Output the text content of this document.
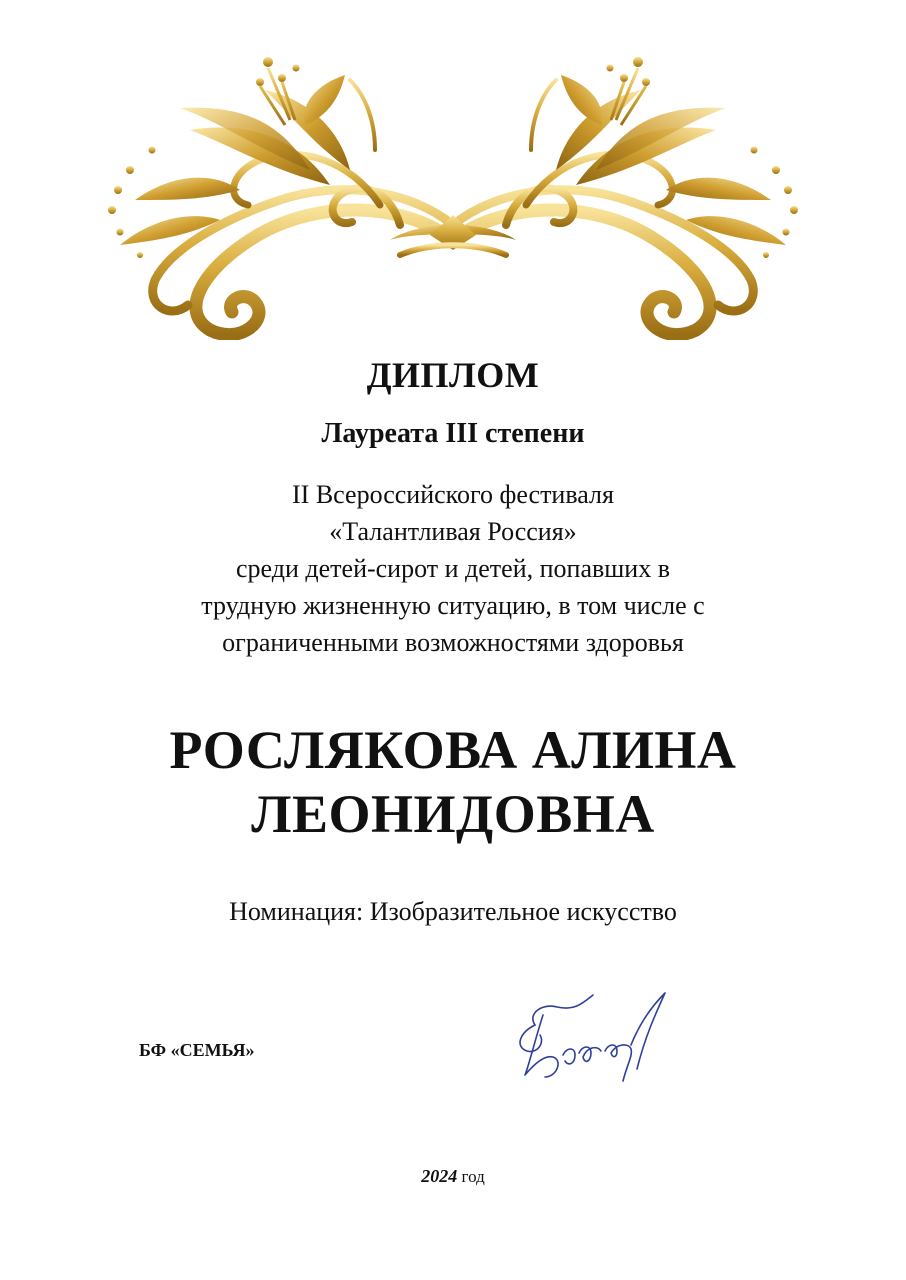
ДИПЛОМ
Лауреата III степени
II Всероссийского фестиваля
«Талантливая Россия»
среди детей-сирот и детей, попавших в
трудную жизненную ситуацию, в том числе с
ограниченными возможностями здоровья
РОСЛЯКОВА АЛИНА
ЛЕОНИДОВНА
Номинация: Изобразительное искусство
БФ «СЕМЬЯ»
2024 год
